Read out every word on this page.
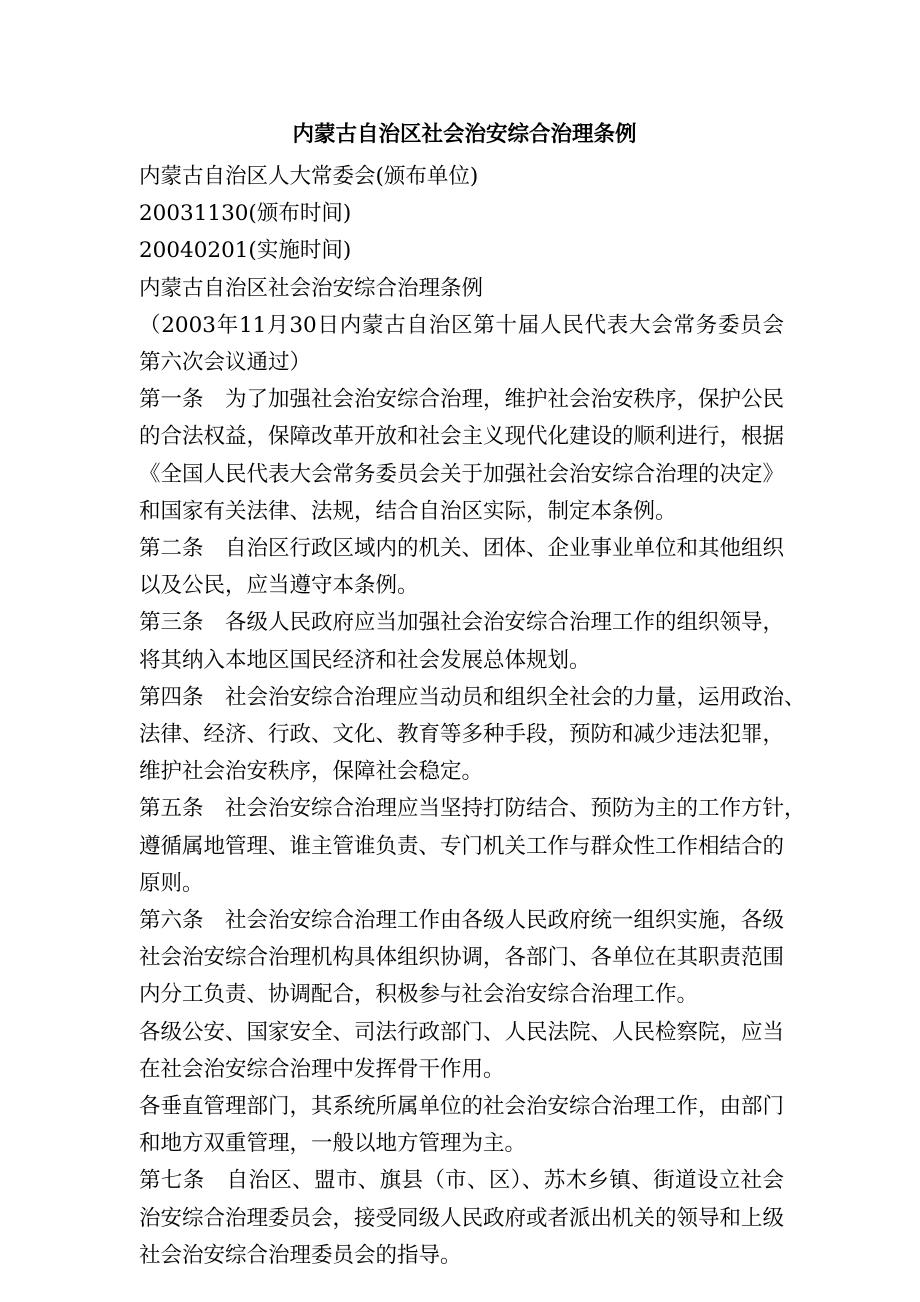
内蒙古自治区社会治安综合治理条例

内蒙古自治区人大常委会(颁布单位)

20031130(颁布时间)

20040201(实施时间)

内蒙古自治区社会治安综合治理条例

（2003年11月30日内蒙古自治区第十届人民代表大会常务委员会

第六次会议通过）

第一条　为了加强社会治安综合治理，维护社会治安秩序，保护公民

的合法权益，保障改革开放和社会主义现代化建设的顺利进行，根据

《全国人民代表大会常务委员会关于加强社会治安综合治理的决定》

和国家有关法律、法规，结合自治区实际，制定本条例。

第二条　自治区行政区域内的机关、团体、企业事业单位和其他组织

以及公民，应当遵守本条例。

第三条　各级人民政府应当加强社会治安综合治理工作的组织领导，

将其纳入本地区国民经济和社会发展总体规划。

第四条　社会治安综合治理应当动员和组织全社会的力量，运用政治、

法律、经济、行政、文化、教育等多种手段，预防和减少违法犯罪，

维护社会治安秩序，保障社会稳定。

第五条　社会治安综合治理应当坚持打防结合、预防为主的工作方针，

遵循属地管理、谁主管谁负责、专门机关工作与群众性工作相结合的

原则。

第六条　社会治安综合治理工作由各级人民政府统一组织实施，各级

社会治安综合治理机构具体组织协调，各部门、各单位在其职责范围

内分工负责、协调配合，积极参与社会治安综合治理工作。

各级公安、国家安全、司法行政部门、人民法院、人民检察院，应当

在社会治安综合治理中发挥骨干作用。

各垂直管理部门，其系统所属单位的社会治安综合治理工作，由部门

和地方双重管理，一般以地方管理为主。

第七条　自治区、盟市、旗县（市、区）、苏木乡镇、街道设立社会

治安综合治理委员会，接受同级人民政府或者派出机关的领导和上级

社会治安综合治理委员会的指导。
